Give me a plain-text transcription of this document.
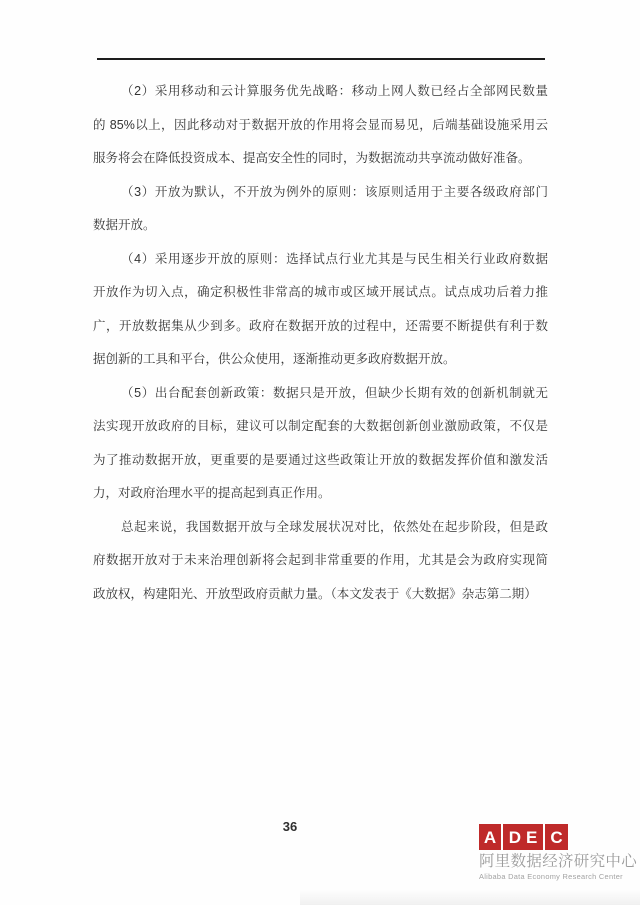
（2）采用移动和云计算服务优先战略：移动上网人数已经占全部网民数量
的 85%以上，因此移动对于数据开放的作用将会显而易见，后端基础设施采用云
服务将会在降低投资成本、提高安全性的同时，为数据流动共享流动做好准备。
（3）开放为默认，不开放为例外的原则：该原则适用于主要各级政府部门
数据开放。
（4）采用逐步开放的原则：选择试点行业尤其是与民生相关行业政府数据
开放作为切入点，确定积极性非常高的城市或区域开展试点。试点成功后着力推
广，开放数据集从少到多。政府在数据开放的过程中，还需要不断提供有利于数
据创新的工具和平台，供公众使用，逐渐推动更多政府数据开放。
（5）出台配套创新政策：数据只是开放，但缺少长期有效的创新机制就无
法实现开放政府的目标，建议可以制定配套的大数据创新创业激励政策，不仅是
为了推动数据开放，更重要的是要通过这些政策让开放的数据发挥价值和激发活
力，对政府治理水平的提高起到真正作用。
总起来说，我国数据开放与全球发展状况对比，依然处在起步阶段，但是政
府数据开放对于未来治理创新将会起到非常重要的作用，尤其是会为政府实现简
政放权，构建阳光、开放型政府贡献力量。（本文发表于《大数据》杂志第二期）
36
A DE C
阿里数据经济研究中心
Alibaba Data Economy Research Center
